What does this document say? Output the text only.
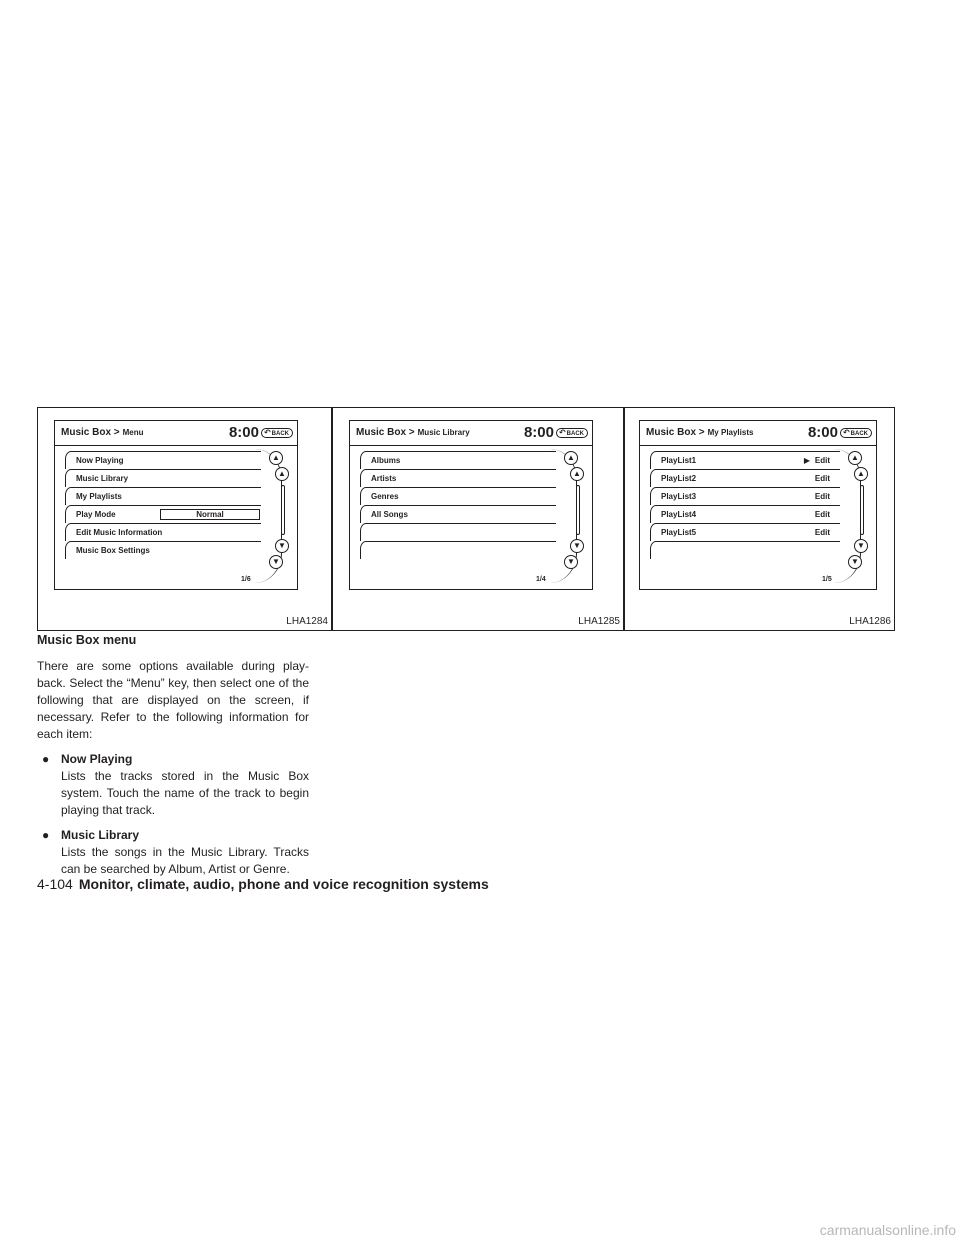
Music Box > Menu	8:00 ↶ BACK
Now Playing
Music Library
My Playlists
Play Mode	Normal
Edit Music Information
Music Box Settings
▲
▲
▼
▼
1/6
LHA1284
Music Box > Music Library	8:00 ↶ BACK
Albums
Artists
Genres
All Songs
▲
▲
▼
▼
1/4
LHA1285
Music Box > My Playlists	8:00 ↶ BACK
PlayList1	▶ Edit
PlayList2	Edit
PlayList3	Edit
PlayList4	Edit
PlayList5	Edit
▲
▲
▼
▼
1/5
LHA1286
Music Box menu

There are some options available during play-back. Select the “Menu” key, then select one of the following that are displayed on the screen, if necessary. Refer to the following information for each item:

● Now Playing
Lists the tracks stored in the Music Box system. Touch the name of the track to begin playing that track.
● Music Library
Lists the songs in the Music Library. Tracks can be searched by Album, Artist or Genre.
4-104 Monitor, climate, audio, phone and voice recognition systems
carmanualsonline.info
